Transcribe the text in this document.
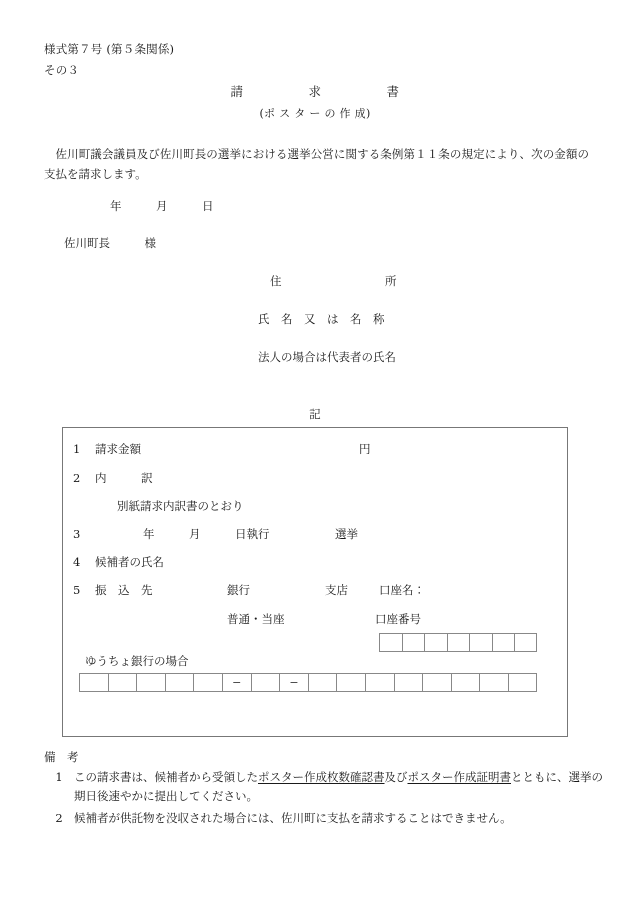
様式第７号 (第５条関係)
その３
請　　　　　求　　　　　書
(ポ ス タ ー の 作 成)
佐川町議会議員及び佐川町長の選挙における選挙公営に関する条例第１１条の規定により、次の金額の支払を請求します。
年　　　月　　　日
佐川町長　　　様
住　　　　　　　　　所
氏　名　又　は　名　称
法人の場合は代表者の氏名
記
1 請求金額	円
2 内　　　訳
別紙請求内訳書のとおり
3	年　　　月　　　日執行	選挙
4 候補者の氏名
5 振　込　先	銀行	支店	口座名：
普通・当座	口座番号
ゆうちょ銀行の場合
−	−
備　考
1 この請求書は、候補者から受領したポスター作成枚数確認書及びポスター作成証明書とともに、選挙の期日後速やかに提出してください。
2 候補者が供託物を没収された場合には、佐川町に支払を請求することはできません。
